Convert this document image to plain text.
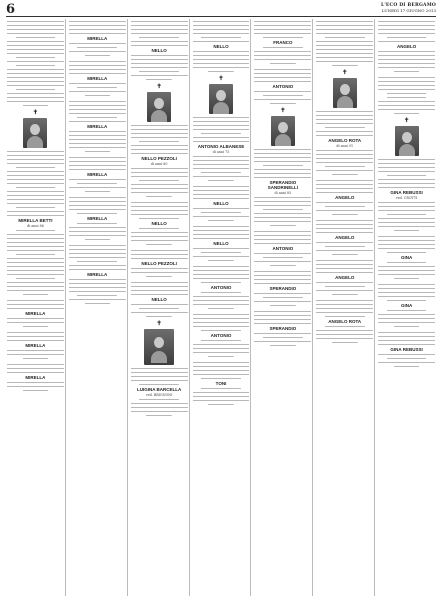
6	L'ECO DI BERGAMO
LUNEDÌ 17 GIUGNO 2013
✝
MIRELLA BETTI
di anni 86
MIRELLA
MIRELLA
MIRELLA
MIRELLA
MIRELLA
MIRELLA
MIRELLA
MIRELLA
MIRELLA
NELLO
✝
NELLO PEZZOLI
di anni 80
NELLO
NELLO PEZZOLI
NELLO
✝
LUIGINA BARCELLA
ved. BRIGNONI
NELLO
✝
ANTONIO ALBANESE
di anni 75
NELLO
NELLO
ANTONIO
ANTONIO
TONI
FRANCO
ANTONIO
✝
SPERANDIO SANDRINELLI
di anni 85
ANTONIO
SPERANDIO
SPERANDIO
✝
ANGELO ROTA
di anni 91
ANGELO
ANGELO
ANGELO
ANGELO ROTA
ANGELO
✝
GINA REBUSSI
ved. CROTTI
GINA
GINA
GINA REBUSSI
